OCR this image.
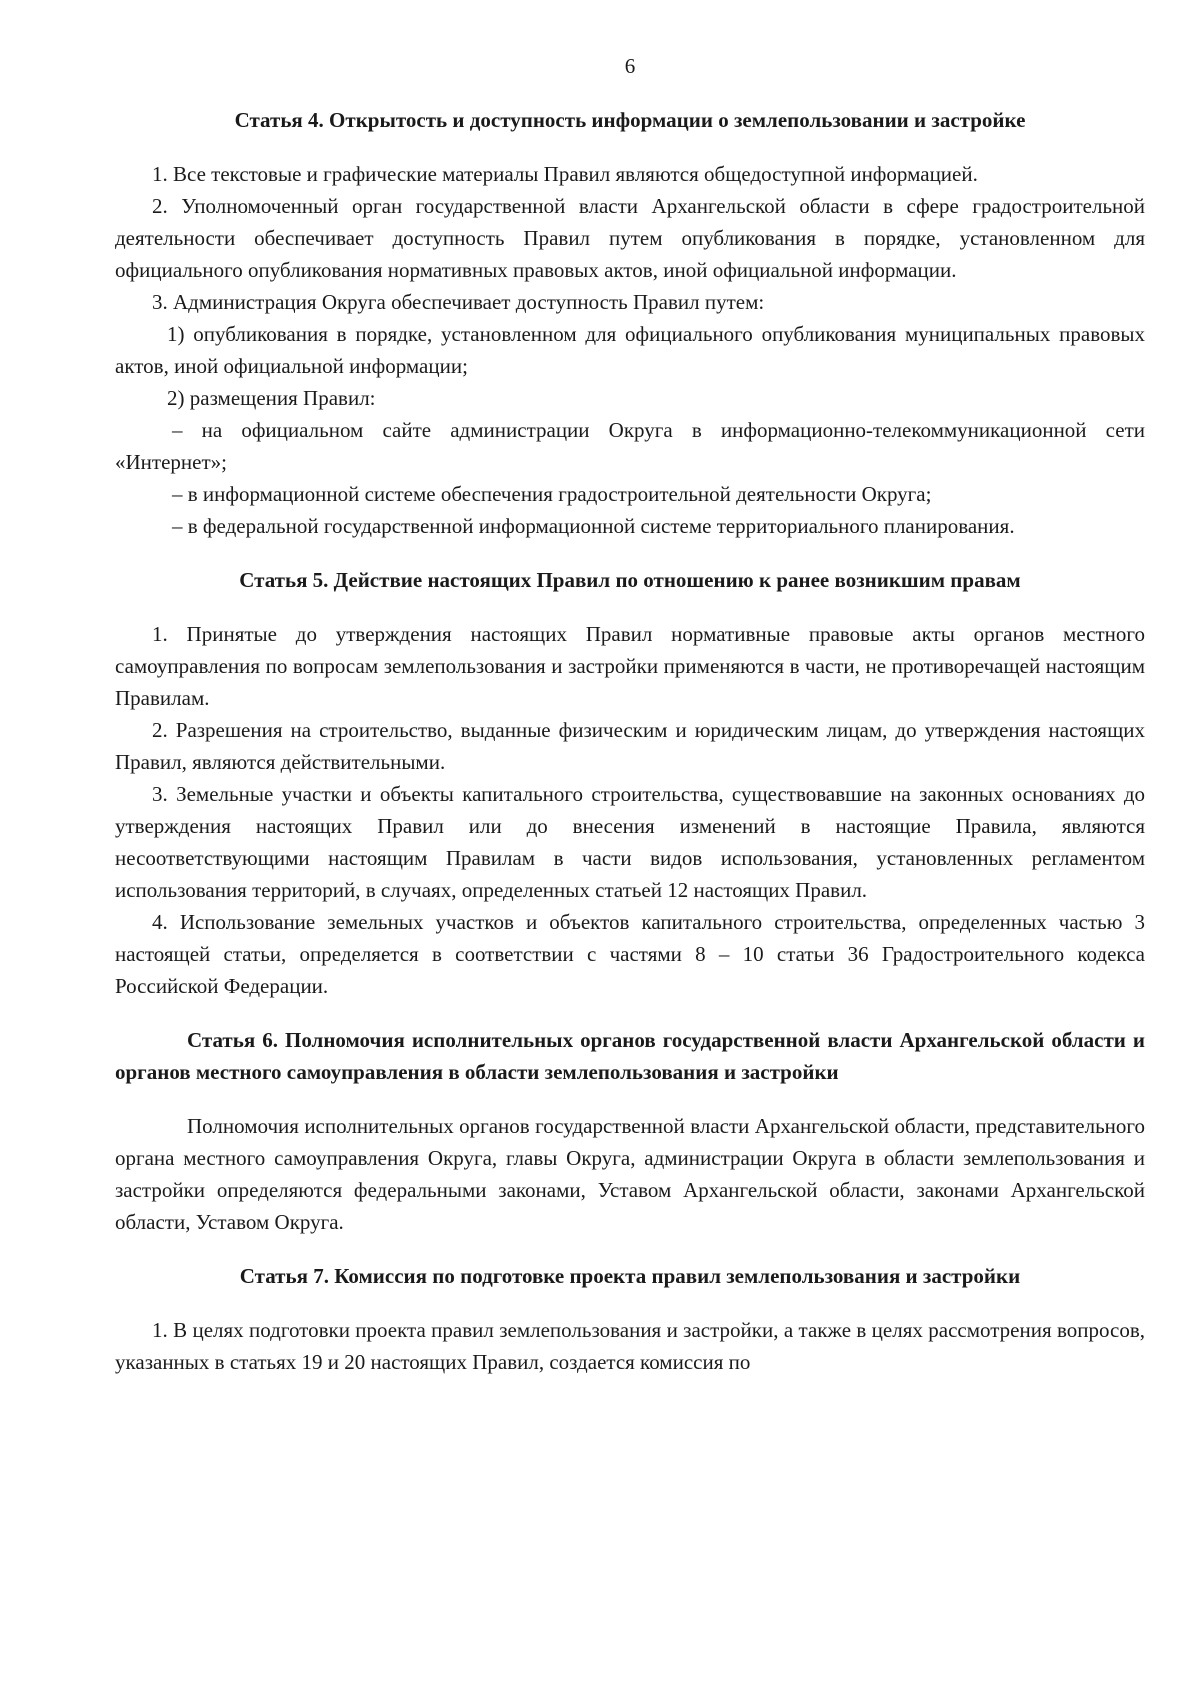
6
Статья 4. Открытость и доступность информации о землепользовании и застройке

1. Все текстовые и графические материалы Правил являются общедоступной информацией.

2. Уполномоченный орган государственной власти Архангельской области в сфере градостроительной деятельности обеспечивает доступность Правил путем опубликования в порядке, установленном для официального опубликования нормативных правовых актов, иной официальной информации.

3. Администрация Округа обеспечивает доступность Правил путем:

1) опубликования в порядке, установленном для официального опубликования муниципальных правовых актов, иной официальной информации;

2) размещения Правил:

– на официальном сайте администрации Округа в информационно-телекоммуникационной сети «Интернет»;

– в информационной системе обеспечения градостроительной деятельности Округа;

– в федеральной государственной информационной системе территориального планирования.

Статья 5. Действие настоящих Правил по отношению к ранее возникшим правам

1. Принятые до утверждения настоящих Правил нормативные правовые акты органов местного самоуправления по вопросам землепользования и застройки применяются в части, не противоречащей настоящим Правилам.

2. Разрешения на строительство, выданные физическим и юридическим лицам, до утверждения настоящих Правил, являются действительными.

3. Земельные участки и объекты капитального строительства, существовавшие на законных основаниях до утверждения настоящих Правил или до внесения изменений в настоящие Правила, являются несоответствующими настоящим Правилам в части видов использования, установленных регламентом использования территорий, в случаях, определенных статьей 12 настоящих Правил.

4. Использование земельных участков и объектов капитального строительства, определенных частью 3 настоящей статьи, определяется в соответствии с частями 8 – 10 статьи 36 Градостроительного кодекса Российской Федерации.

Статья 6. Полномочия исполнительных органов государственной власти Архангельской области и органов местного самоуправления в области землепользования и застройки

Полномочия исполнительных органов государственной власти Архангельской области, представительного органа местного самоуправления Округа, главы Округа, администрации Округа в области землепользования и застройки определяются федеральными законами, Уставом Архангельской области, законами Архангельской области, Уставом Округа.

Статья 7. Комиссия по подготовке проекта правил землепользования и застройки

1. В целях подготовки проекта правил землепользования и застройки, а также в целях рассмотрения вопросов, указанных в статьях 19 и 20 настоящих Правил, создается комиссия по
